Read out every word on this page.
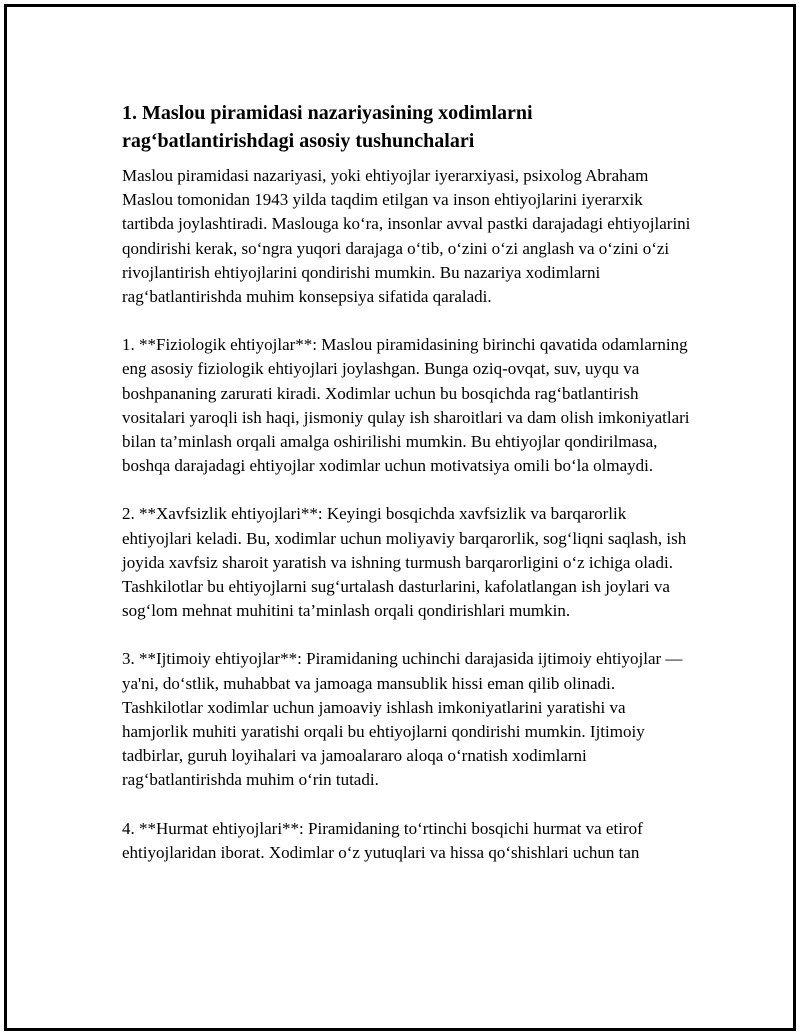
1. Maslou piramidasi nazariyasining xodimlarni rag‘batlantirishdagi asosiy tushunchalari

Maslou piramidasi nazariyasi, yoki ehtiyojlar iyerarxiyasi, psixolog Abraham Maslou tomonidan 1943 yilda taqdim etilgan va inson ehtiyojlarini iyerarxik tartibda joylashtiradi. Maslouga ko‘ra, insonlar avval pastki darajadagi ehtiyojlarini qondirishi kerak, so‘ngra yuqori darajaga o‘tib, o‘zini o‘zi anglash va o‘zini o‘zi rivojlantirish ehtiyojlarini qondirishi mumkin. Bu nazariya xodimlarni rag‘batlantirishda muhim konsepsiya sifatida qaraladi.

1. **Fiziologik ehtiyojlar**: Maslou piramidasining birinchi qavatida odamlarning eng asosiy fiziologik ehtiyojlari joylashgan. Bunga oziq-ovqat, suv, uyqu va boshpananing zarurati kiradi. Xodimlar uchun bu bosqichda rag‘batlantirish vositalari yaroqli ish haqi, jismoniy qulay ish sharoitlari va dam olish imkoniyatlari bilan ta’minlash orqali amalga oshirilishi mumkin. Bu ehtiyojlar qondirilmasa, boshqa darajadagi ehtiyojlar xodimlar uchun motivatsiya omili bo‘la olmaydi.

2. **Xavfsizlik ehtiyojlari**: Keyingi bosqichda xavfsizlik va barqarorlik ehtiyojlari keladi. Bu, xodimlar uchun moliyaviy barqarorlik, sog‘liqni saqlash, ish joyida xavfsiz sharoit yaratish va ishning turmush barqarorligini o‘z ichiga oladi. Tashkilotlar bu ehtiyojlarni sug‘urtalash dasturlarini, kafolatlangan ish joylari va sog‘lom mehnat muhitini ta’minlash orqali qondirishlari mumkin.

3. **Ijtimoiy ehtiyojlar**: Piramidaning uchinchi darajasida ijtimoiy ehtiyojlar — ya'ni, do‘stlik, muhabbat va jamoaga mansublik hissi eman qilib olinadi. Tashkilotlar xodimlar uchun jamoaviy ishlash imkoniyatlarini yaratishi va hamjorlik muhiti yaratishi orqali bu ehtiyojlarni qondirishi mumkin. Ijtimoiy tadbirlar, guruh loyihalari va jamoalararo aloqa o‘rnatish xodimlarni rag‘batlantirishda muhim o‘rin tutadi.

4. **Hurmat ehtiyojlari**: Piramidaning to‘rtinchi bosqichi hurmat va etirof ehtiyojlaridan iborat. Xodimlar o‘z yutuqlari va hissa qo‘shishlari uchun tan
